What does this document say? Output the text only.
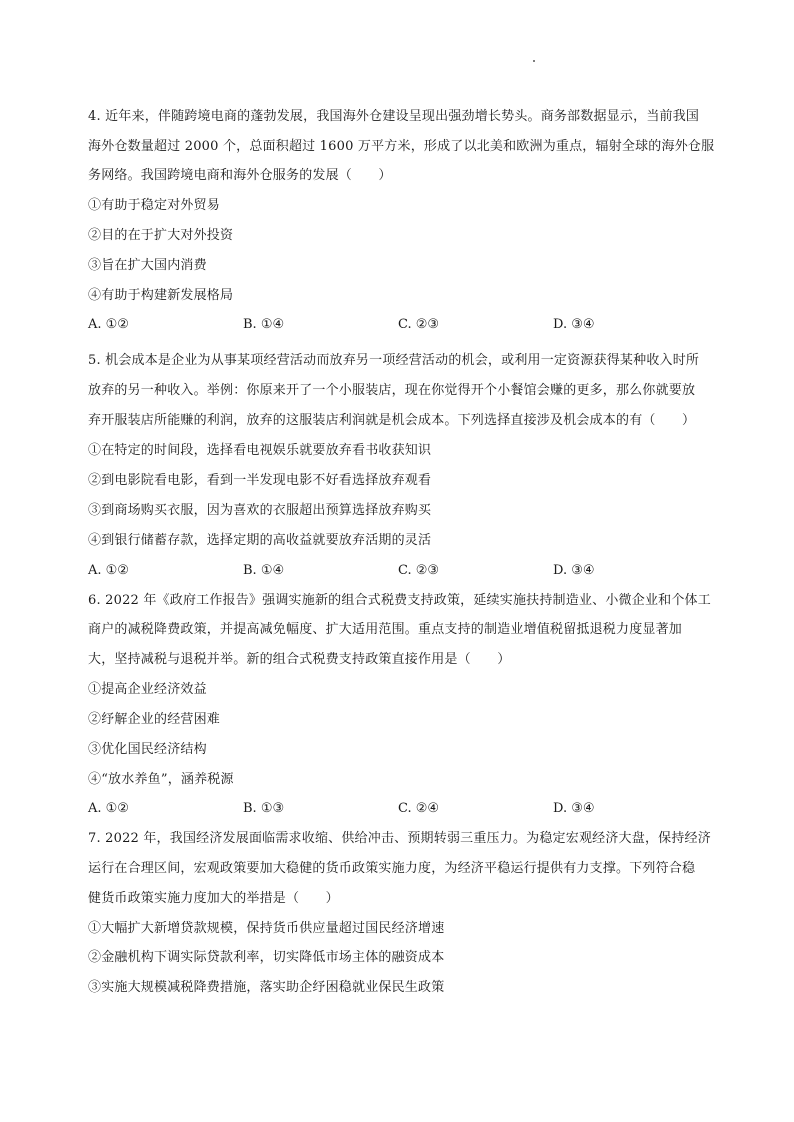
4. 近年来，伴随跨境电商的蓬勃发展，我国海外仓建设呈现出强劲增长势头。商务部数据显示，当前我国
海外仓数量超过 2000 个，总面积超过 1600 万平方米，形成了以北美和欧洲为重点，辐射全球的海外仓服
务网络。我国跨境电商和海外仓服务的发展（　　）
①有助于稳定对外贸易
②目的在于扩大对外投资
③旨在扩大国内消费
④有助于构建新发展格局
A. ①②	B. ①④	C. ②③	D. ③④
5. 机会成本是企业为从事某项经营活动而放弃另一项经营活动的机会，或利用一定资源获得某种收入时所
放弃的另一种收入。举例：你原来开了一个小服装店，现在你觉得开个小餐馆会赚的更多，那么你就要放
弃开服装店所能赚的利润，放弃的这服装店利润就是机会成本。下列选择直接涉及机会成本的有（　　）
①在特定的时间段，选择看电视娱乐就要放弃看书收获知识
②到电影院看电影，看到一半发现电影不好看选择放弃观看
③到商场购买衣服，因为喜欢的衣服超出预算选择放弃购买
④到银行储蓄存款，选择定期的高收益就要放弃活期的灵活
A. ①②	B. ①④	C. ②③	D. ③④
6. 2022 年《政府工作报告》强调实施新的组合式税费支持政策，延续实施扶持制造业、小微企业和个体工
商户的减税降费政策，并提高减免幅度、扩大适用范围。重点支持的制造业增值税留抵退税力度显著加
大，坚持减税与退税并举。新的组合式税费支持政策直接作用是（　　）
①提高企业经济效益
②纾解企业的经营困难
③优化国民经济结构
④“放水养鱼”，涵养税源
A. ①②	B. ①③	C. ②④	D. ③④
7. 2022 年，我国经济发展面临需求收缩、供给冲击、预期转弱三重压力。为稳定宏观经济大盘，保持经济
运行在合理区间，宏观政策要加大稳健的货币政策实施力度，为经济平稳运行提供有力支撑。下列符合稳
健货币政策实施力度加大的举措是（　　）
①大幅扩大新增贷款规模，保持货币供应量超过国民经济增速
②金融机构下调实际贷款利率，切实降低市场主体的融资成本
③实施大规模减税降费措施，落实助企纾困稳就业保民生政策
